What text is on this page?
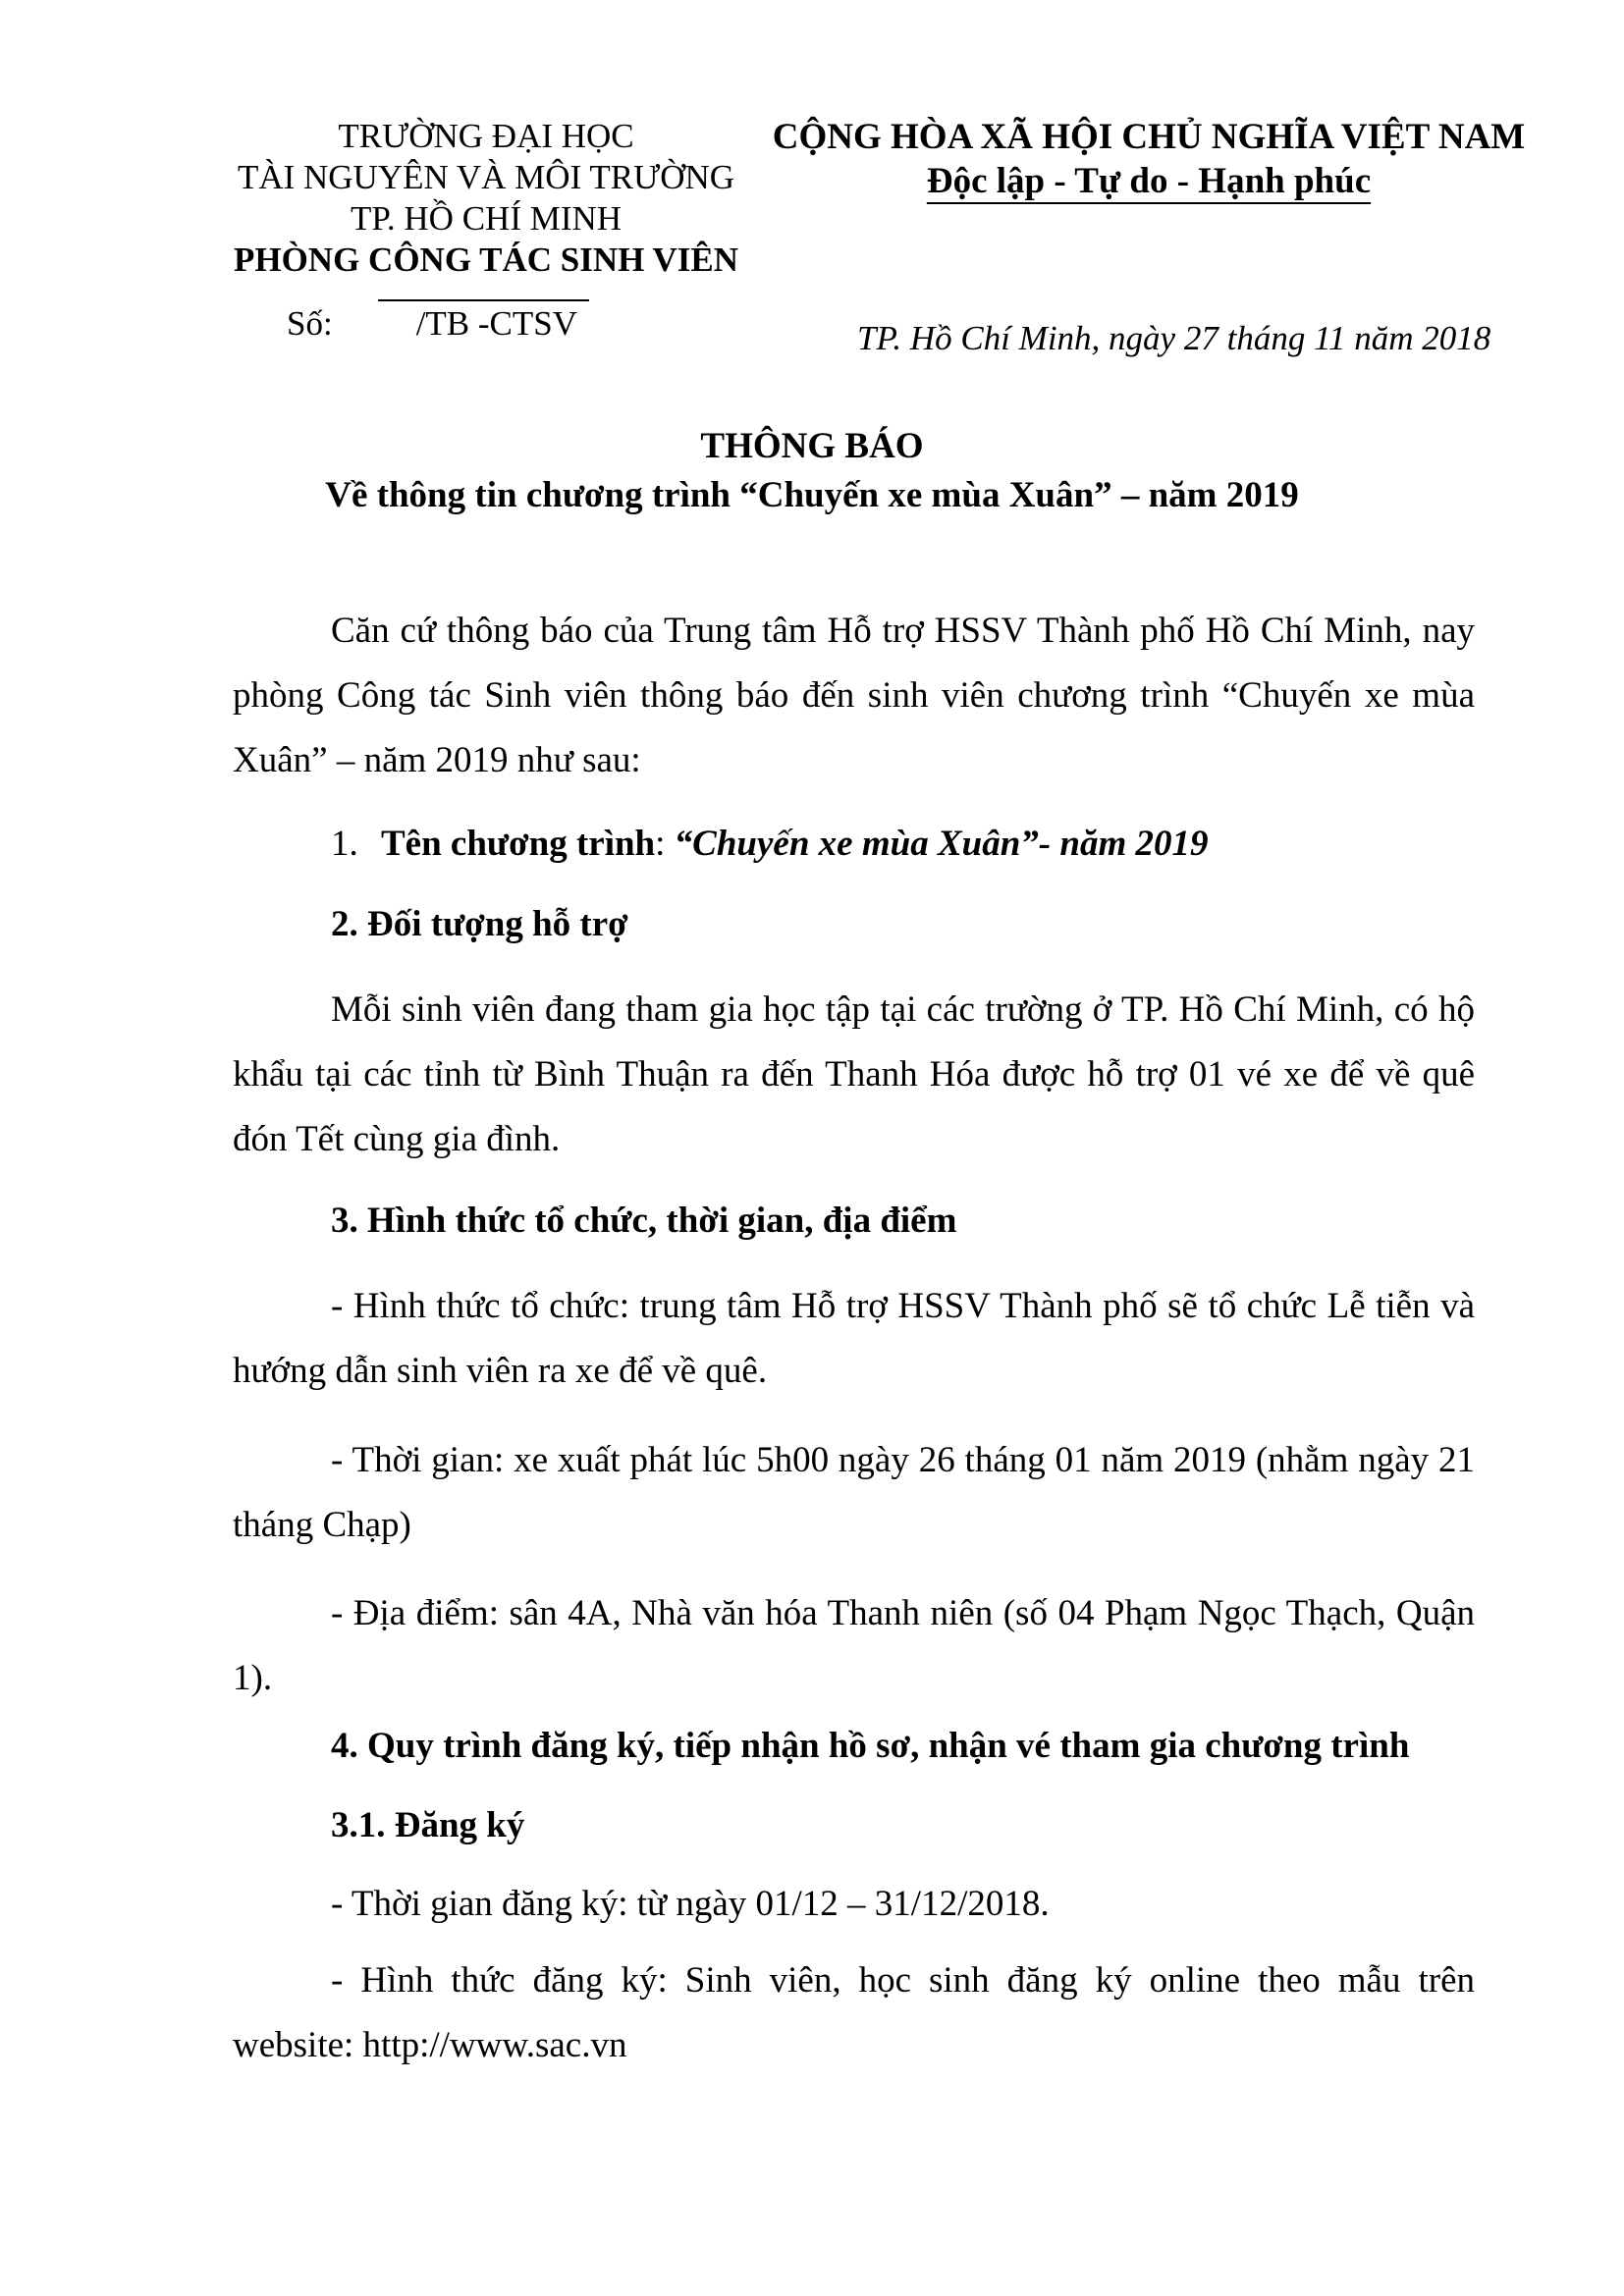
TRƯỜNG ĐẠI HỌC
TÀI NGUYÊN VÀ MÔI TRƯỜNG
TP. HỒ CHÍ MINH
PHÒNG CÔNG TÁC SINH VIÊN
Số: /TB -CTSV
CỘNG HÒA XÃ HỘI CHỦ NGHĨA VIỆT NAM
Độc lập - Tự do - Hạnh phúc
TP. Hồ Chí Minh, ngày 27 tháng 11 năm 2018
THÔNG BÁO
Về thông tin chương trình “Chuyến xe mùa Xuân” – năm 2019

Căn cứ thông báo của Trung tâm Hỗ trợ HSSV Thành phố Hồ Chí Minh, nay phòng Công tác Sinh viên thông báo đến sinh viên chương trình “Chuyến xe mùa Xuân” – năm 2019 như sau:

1. Tên chương trình: “Chuyến xe mùa Xuân”- năm 2019
2. Đối tượng hỗ trợ

Mỗi sinh viên đang tham gia học tập tại các trường ở TP. Hồ Chí Minh, có hộ khẩu tại các tỉnh từ Bình Thuận ra đến Thanh Hóa được hỗ trợ 01 vé xe để về quê đón Tết cùng gia đình.

3. Hình thức tổ chức, thời gian, địa điểm

- Hình thức tổ chức: trung tâm Hỗ trợ HSSV Thành phố sẽ tổ chức Lễ tiễn và hướng dẫn sinh viên ra xe để về quê.

- Thời gian: xe xuất phát lúc 5h00 ngày 26 tháng 01 năm 2019 (nhằm ngày 21 tháng Chạp)

- Địa điểm: sân 4A, Nhà văn hóa Thanh niên (số 04 Phạm Ngọc Thạch, Quận 1).

4. Quy trình đăng ký, tiếp nhận hồ sơ, nhận vé tham gia chương trình
3.1. Đăng ký
- Thời gian đăng ký: từ ngày 01/12 – 31/12/2018.

- Hình thức đăng ký: Sinh viên, học sinh đăng ký online theo mẫu trên website: http://www.sac.vn
